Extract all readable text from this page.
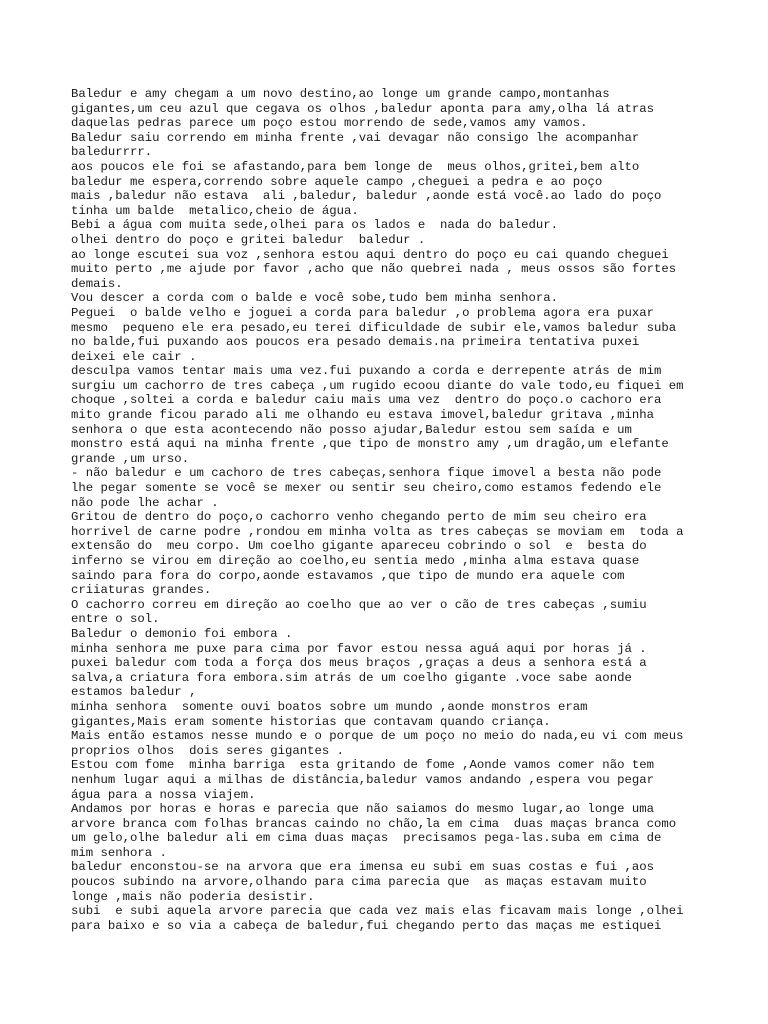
Baledur e amy chegam a um novo destino,ao longe um grande campo,montanhas
gigantes,um ceu azul que cegava os olhos ,baledur aponta para amy,olha lá atras
daquelas pedras parece um poço estou morrendo de sede,vamos amy vamos.
Baledur saiu correndo em minha frente ,vai devagar não consigo lhe acompanhar
baledurrrr.
aos poucos ele foi se afastando,para bem longe de  meus olhos,gritei,bem alto
baledur me espera,correndo sobre aquele campo ,cheguei a pedra e ao poço
mais ,baledur não estava  ali ,baledur, baledur ,aonde está você.ao lado do poço
tinha um balde  metalico,cheio de água.
Bebi a água com muita sede,olhei para os lados e  nada do baledur.
olhei dentro do poço e gritei baledur  baledur .
ao longe escutei sua voz ,senhora estou aqui dentro do poço eu cai quando cheguei
muito perto ,me ajude por favor ,acho que não quebrei nada , meus ossos são fortes
demais.
Vou descer a corda com o balde e você sobe,tudo bem minha senhora.
Peguei  o balde velho e joguei a corda para baledur ,o problema agora era puxar
mesmo  pequeno ele era pesado,eu terei dificuldade de subir ele,vamos baledur suba
no balde,fui puxando aos poucos era pesado demais.na primeira tentativa puxei
deixei ele cair .
desculpa vamos tentar mais uma vez.fui puxando a corda e derrepente atrás de mim
surgiu um cachorro de tres cabeça ,um rugido ecoou diante do vale todo,eu fiquei em
choque ,soltei a corda e baledur caiu mais uma vez  dentro do poço.o cachoro era
mito grande ficou parado ali me olhando eu estava imovel,baledur gritava ,minha
senhora o que esta acontecendo não posso ajudar,Baledur estou sem saída e um
monstro está aqui na minha frente ,que tipo de monstro amy ,um dragão,um elefante
grande ,um urso.
- não baledur e um cachoro de tres cabeças,senhora fique imovel a besta não pode
lhe pegar somente se você se mexer ou sentir seu cheiro,como estamos fedendo ele
não pode lhe achar .
Gritou de dentro do poço,o cachorro venho chegando perto de mim seu cheiro era
horrivel de carne podre ,rondou em minha volta as tres cabeças se moviam em  toda a
extensão do  meu corpo. Um coelho gigante apareceu cobrindo o sol  e  besta do
inferno se virou em direção ao coelho,eu sentia medo ,minha alma estava quase
saindo para fora do corpo,aonde estavamos ,que tipo de mundo era aquele com
criiaturas grandes.
O cachorro correu em direção ao coelho que ao ver o cão de tres cabeças ,sumiu
entre o sol.
Baledur o demonio foi embora .
minha senhora me puxe para cima por favor estou nessa aguá aqui por horas já .
puxei baledur com toda a força dos meus braços ,graças a deus a senhora está a
salva,a criatura fora embora.sim atrás de um coelho gigante .voce sabe aonde
estamos baledur ,
minha senhora  somente ouvi boatos sobre um mundo ,aonde monstros eram
gigantes,Mais eram somente historias que contavam quando criança.
Mais então estamos nesse mundo e o porque de um poço no meio do nada,eu vi com meus
proprios olhos  dois seres gigantes .
Estou com fome  minha barriga  esta gritando de fome ,Aonde vamos comer não tem
nenhum lugar aqui a milhas de distância,baledur vamos andando ,espera vou pegar
água para a nossa viajem.
Andamos por horas e horas e parecia que não saiamos do mesmo lugar,ao longe uma
arvore branca com folhas brancas caindo no chão,la em cima  duas maças branca como
um gelo,olhe baledur ali em cima duas maças  precisamos pega-las.suba em cima de
mim senhora .
baledur enconstou-se na arvora que era imensa eu subi em suas costas e fui ,aos
poucos subindo na arvore,olhando para cima parecia que  as maças estavam muito
longe ,mais não poderia desistir.
subi  e subi aquela arvore parecia que cada vez mais elas ficavam mais longe ,olhei
para baixo e so via a cabeça de baledur,fui chegando perto das maças me estiquei
